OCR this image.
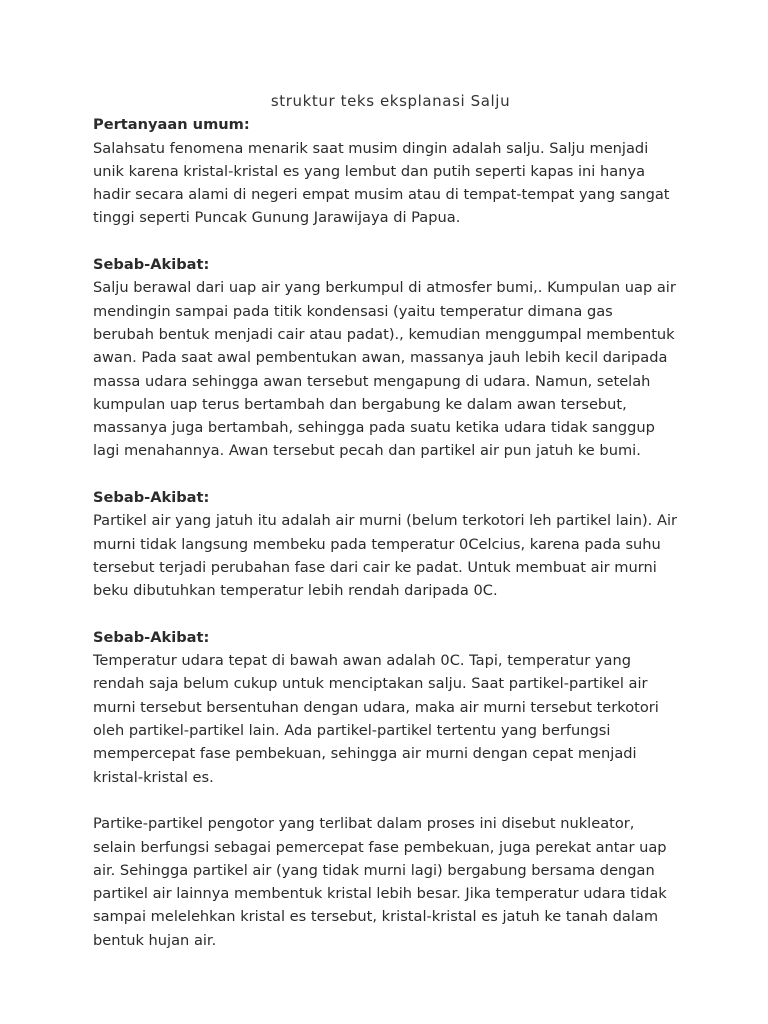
struktur teks eksplanasi Salju
Pertanyaan umum:
Salahsatu fenomena menarik saat musim dingin adalah salju. Salju menjadi unik karena kristal-kristal es yang lembut dan putih seperti kapas ini hanya hadir secara alami di negeri empat musim atau di tempat-tempat yang sangat tinggi seperti Puncak Gunung Jarawijaya di Papua.
Sebab-Akibat:
Salju berawal dari uap air yang berkumpul di atmosfer bumi,. Kumpulan uap air mendingin sampai pada titik kondensasi (yaitu temperatur dimana gas berubah bentuk menjadi cair atau padat)., kemudian menggumpal membentuk awan. Pada saat awal pembentukan awan, massanya jauh lebih kecil daripada massa udara sehingga awan tersebut mengapung di udara. Namun, setelah kumpulan uap terus bertambah dan bergabung ke dalam awan tersebut, massanya juga bertambah, sehingga pada suatu ketika udara tidak sanggup lagi menahannya. Awan tersebut pecah dan partikel air pun jatuh ke bumi.
Sebab-Akibat:
Partikel air yang jatuh itu adalah air murni (belum terkotori leh partikel lain). Air murni tidak langsung membeku pada temperatur 0Celcius, karena pada suhu tersebut terjadi perubahan fase dari cair ke padat. Untuk membuat air murni beku dibutuhkan temperatur lebih rendah daripada 0C.
Sebab-Akibat:
Temperatur udara tepat di bawah awan adalah 0C. Tapi, temperatur yang rendah saja belum cukup untuk menciptakan salju. Saat partikel-partikel air murni tersebut bersentuhan dengan udara, maka air murni tersebut terkotori oleh partikel-partikel lain. Ada partikel-partikel tertentu yang berfungsi mempercepat fase pembekuan, sehingga air murni dengan cepat menjadi kristal-kristal es.
Partike-partikel pengotor yang terlibat dalam proses ini disebut nukleator, selain berfungsi sebagai pemercepat fase pembekuan, juga perekat antar uap air. Sehingga partikel air (yang tidak murni lagi) bergabung bersama dengan partikel air lainnya membentuk kristal lebih besar. Jika temperatur udara tidak sampai melelehkan kristal es tersebut, kristal-kristal es jatuh ke tanah dalam bentuk hujan air.
